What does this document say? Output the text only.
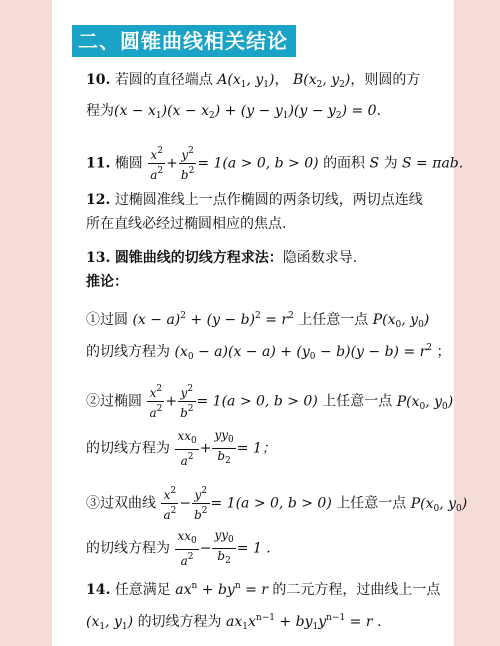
二、圆锥曲线相关结论
10. 若圆的直径端点 $A(x_1$, $y_1$)， $B(x_2$, $y_2$)，则圆的方
程为$(x - x_1)(x - x_2) + (y - y_1)(y - y_2) = 0$.
11. 椭圆 $\frac{x^2}{a^2} + \frac{y^2}{b^2} = 1(a > 0$, b > 0) 的面积 S 为 S = πab.
12. 过椭圆准线上一点作椭圆的两条切线，两切点连线
所在直线必经过椭圆相应的焦点.
13. 圆锥曲线的切线方程求法：隐函数求导.
推论：
①过圆 $(x - a)^2 + (y - b)^2 = r^2$ 上任意一点 $P(x_0$, $y_0$)
的切线方程为 $(x_0 - a)(x - a) + (y_0 - b)(y - b) = r^2$ ；
②过椭圆 $\frac{x^2}{a^2} + \frac{y^2}{b^2} = 1(a > 0$, b > 0) 上任意一点 $P(x_0$, $y_0$)
的切线方程为 $\frac{xx_0}{a^2} + \frac{yy_0}{b_2} = 1$；
③过双曲线 $\frac{x^2}{a^2} - \frac{y^2}{b^2} = 1(a > 0$, b > 0) 上任意一点 $P(x_0$, $y_0$)
的切线方程为 $\frac{xx_0}{a^2} - \frac{yy_0}{b_2} = 1$ .
14. 任意满足 $ax^n + by^n = r$ 的二元方程，过曲线上一点
($x_1$, $y_1$) 的切线方程为 $ax_1x^{n-1} + by_1y^{n-1} = r$ .
